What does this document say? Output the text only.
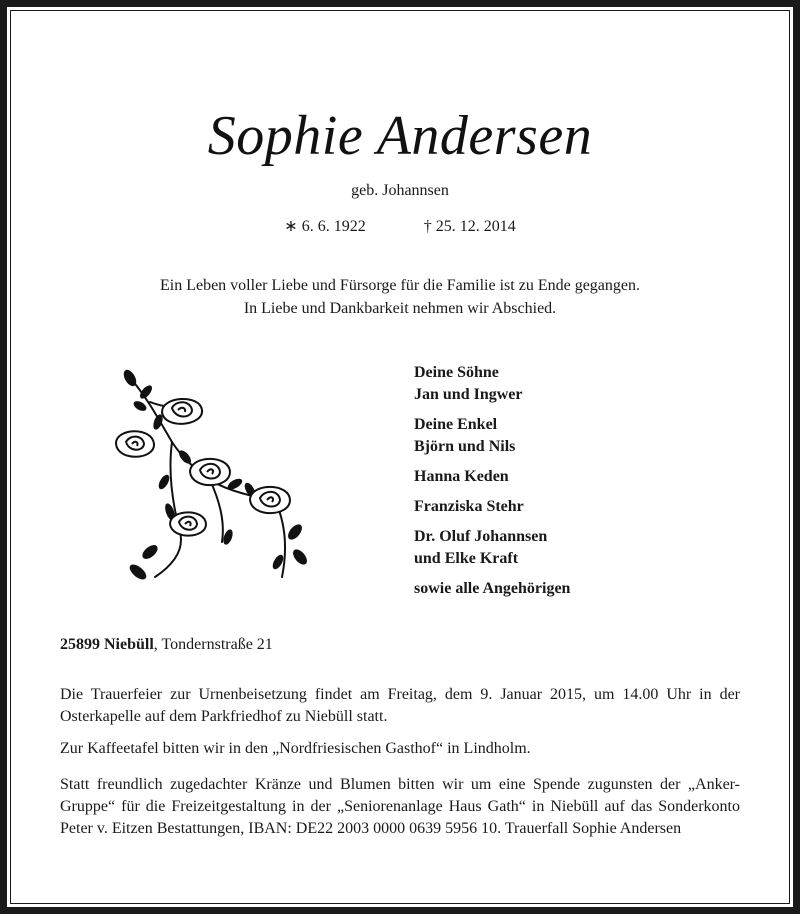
Sophie Andersen
geb. Johannsen
∗ 6. 6. 1922	† 25. 12. 2014
Ein Leben voller Liebe und Fürsorge für die Familie ist zu Ende gegangen.
In Liebe und Dankbarkeit nehmen wir Abschied.
Deine Söhne
Jan und Ingwer
Deine Enkel
Björn und Nils
Hanna Keden
Franziska Stehr
Dr. Oluf Johannsen
und Elke Kraft
sowie alle Angehörigen
25899 Niebüll, Tondernstraße 21
Die Trauerfeier zur Urnenbeisetzung findet am Freitag, dem 9. Januar 2015, um 14.00 Uhr in der Osterkapelle auf dem Parkfriedhof zu Niebüll statt.
Zur Kaffeetafel bitten wir in den „Nordfriesischen Gasthof“ in Lindholm.
Statt freundlich zugedachter Kränze und Blumen bitten wir um eine Spende zugunsten der „Anker-Gruppe“ für die Freizeitgestaltung in der „Seniorenanlage Haus Gath“ in Niebüll auf das Sonderkonto Peter v. Eitzen Bestattungen, IBAN: DE22 2003 0000 0639 5956 10. Trauerfall Sophie Andersen
